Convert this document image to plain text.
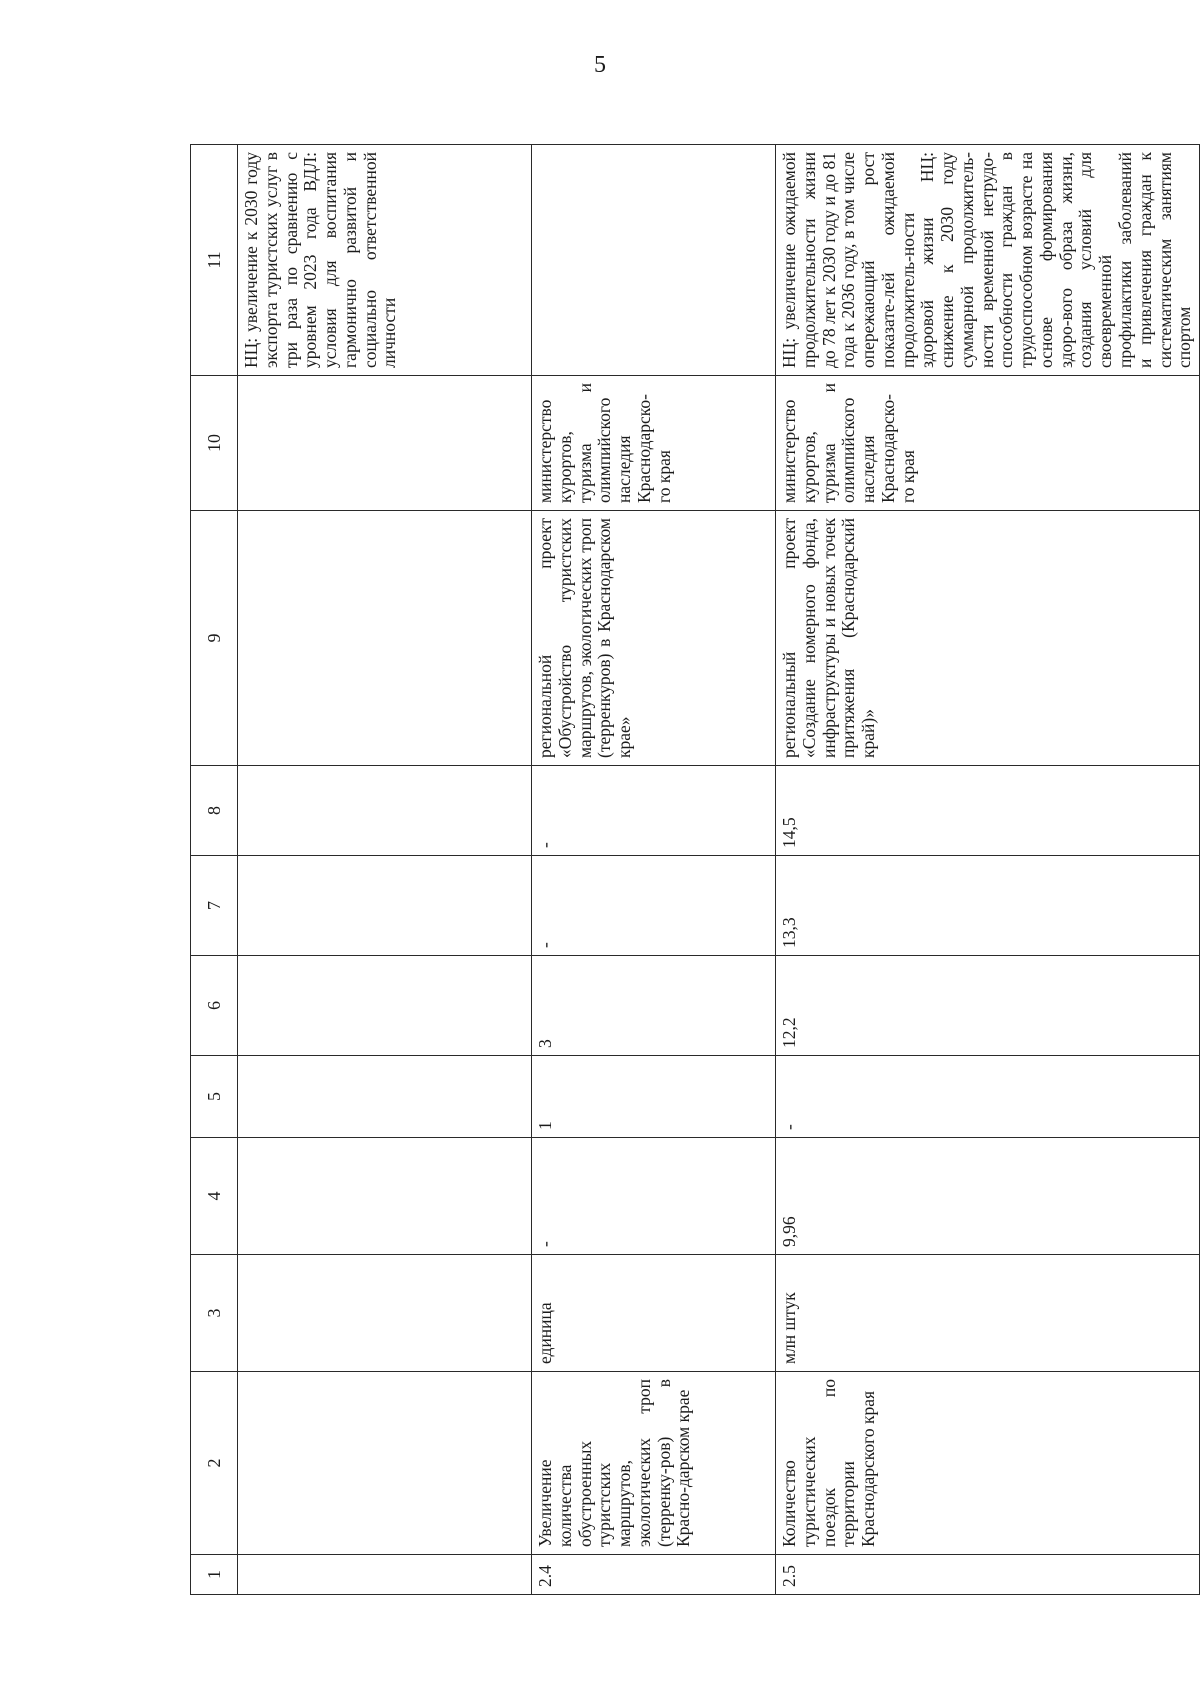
5
1	2	3	4	5	6	7	8	9	10	11
										НЦ: увеличение к 2030 году экспорта туристских услуг в три раза по сравнению с уровнем 2023 года ВДЛ: условия для воспитания гармонично развитой и социально ответственной личности
2.4	Увеличение количества обустроенных туристских маршрутов, экологических троп (терренку-ров) в Красно-дарском крае	единица	-	1	3	-	-	региональной проект «Обустройство туристских маршрутов, экологических троп (терренкуров) в Краснодарском крае»	министерство курортов, туризма и олимпийского наследия Краснодарско-го края	
2.5	Количество туристических поездок по территории Краснодарского края	млн штук	9,96	-	12,2	13,3	14,5	региональный проект «Создание номерного фонда, инфраструктуры и новых точек притяжения (Краснодарский край)»	министерство курортов, туризма и олимпийского наследия Краснодарско-го края	НЦ: увеличение ожидаемой продолжительности жизни до 78 лет к 2030 году и до 81 года к 2036 году, в том числе опережающий рост показате-лей ожидаемой продолжитель-ности здоровой жизни НЦ: снижение к 2030 году суммарной продолжитель-ности временной нетрудо-способности граждан в трудоспособном возрасте на основе формирования здоро-вого образа жизни, создания условий для своевременной профилактики заболеваний и привлечения граждан к систематическим занятиям спортом
